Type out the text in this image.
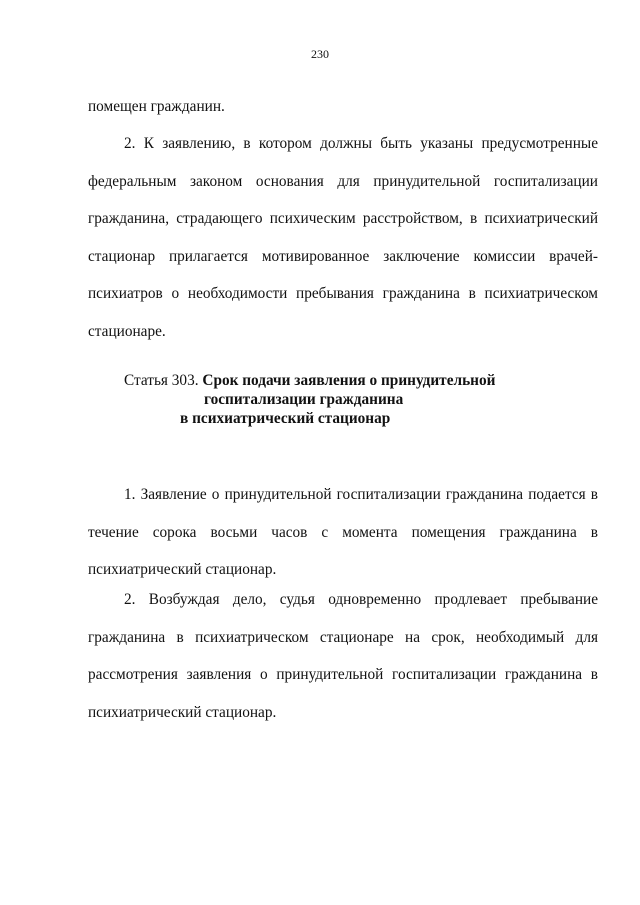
230

помещен гражданин.

2. К заявлению, в котором должны быть указаны предусмотренные федеральным законом основания для принудительной госпитализации гражданина, страдающего психическим расстройством, в психиатрический стационар прилагается мотивированное заключение комиссии врачей-психиатров о необходимости пребывания гражданина в психиатрическом стационаре.

Статья 303. Срок подачи заявления о принудительной
госпитализации гражданина
в психиатрический стационар

1. Заявление о принудительной госпитализации гражданина подается в течение сорока восьми часов с момента помещения гражданина в психиатрический стационар.

2. Возбуждая дело, судья одновременно продлевает пребывание гражданина в психиатрическом стационаре на срок, необходимый для рассмотрения заявления о принудительной госпитализации гражданина в психиатрический стационар.
